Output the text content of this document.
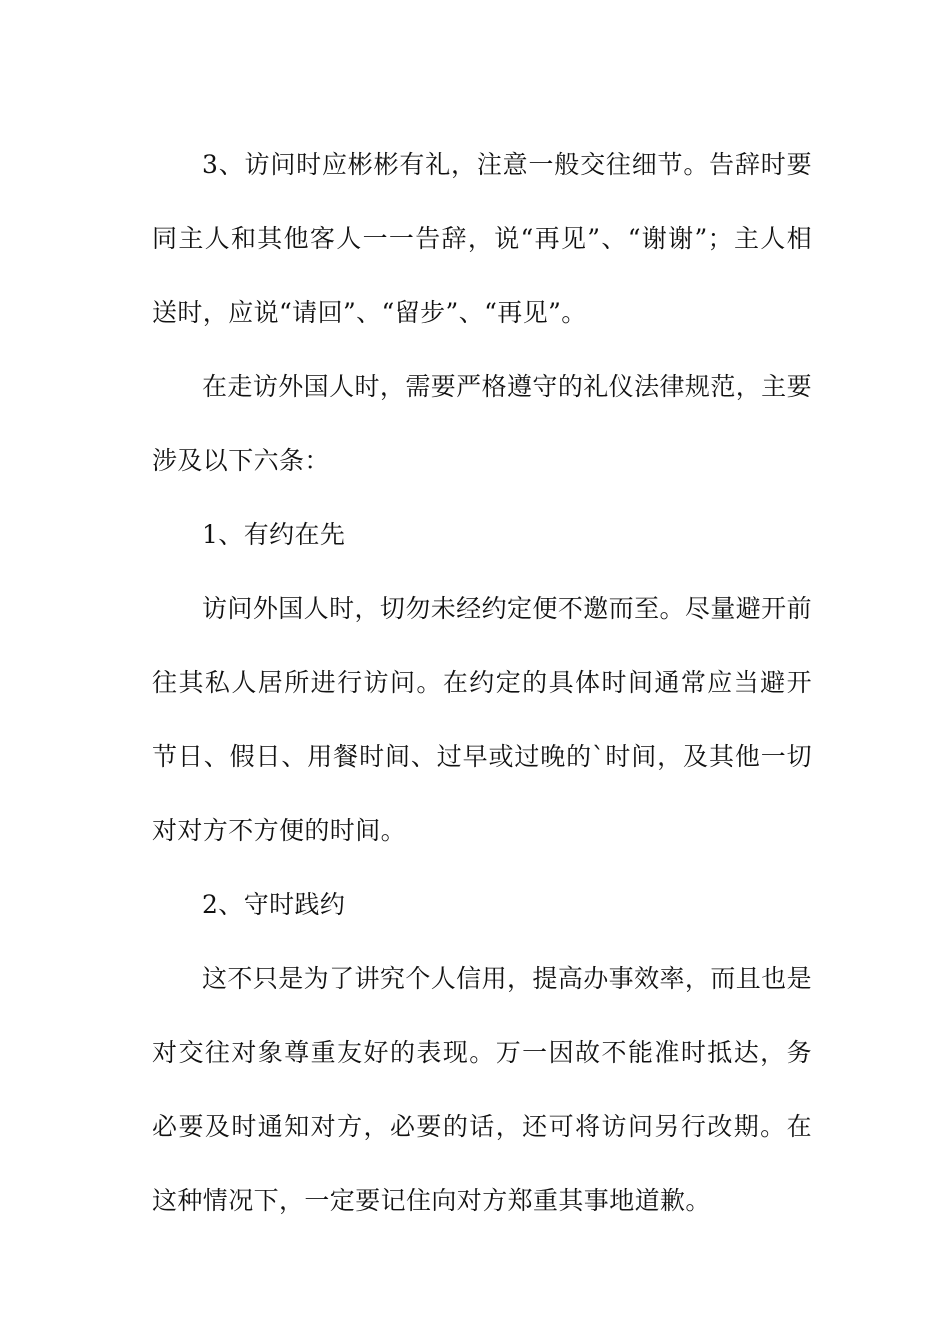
3、访问时应彬彬有礼，注意一般交往细节。告辞时要同主人和其他客人一一告辞，说“再见”、“谢谢”；主人相送时，应说“请回”、“留步”、“再见”。

在走访外国人时，需要严格遵守的礼仪法律规范，主要涉及以下六条：

1、有约在先

访问外国人时，切勿未经约定便不邀而至。尽量避开前往其私人居所进行访问。在约定的具体时间通常应当避开节日、假日、用餐时间、过早或过晚的`时间，及其他一切对对方不方便的时间。

2、守时践约

这不只是为了讲究个人信用，提高办事效率，而且也是对交往对象尊重友好的表现。万一因故不能准时抵达，务必要及时通知对方，必要的话，还可将访问另行改期。在这种情况下，一定要记住向对方郑重其事地道歉。
